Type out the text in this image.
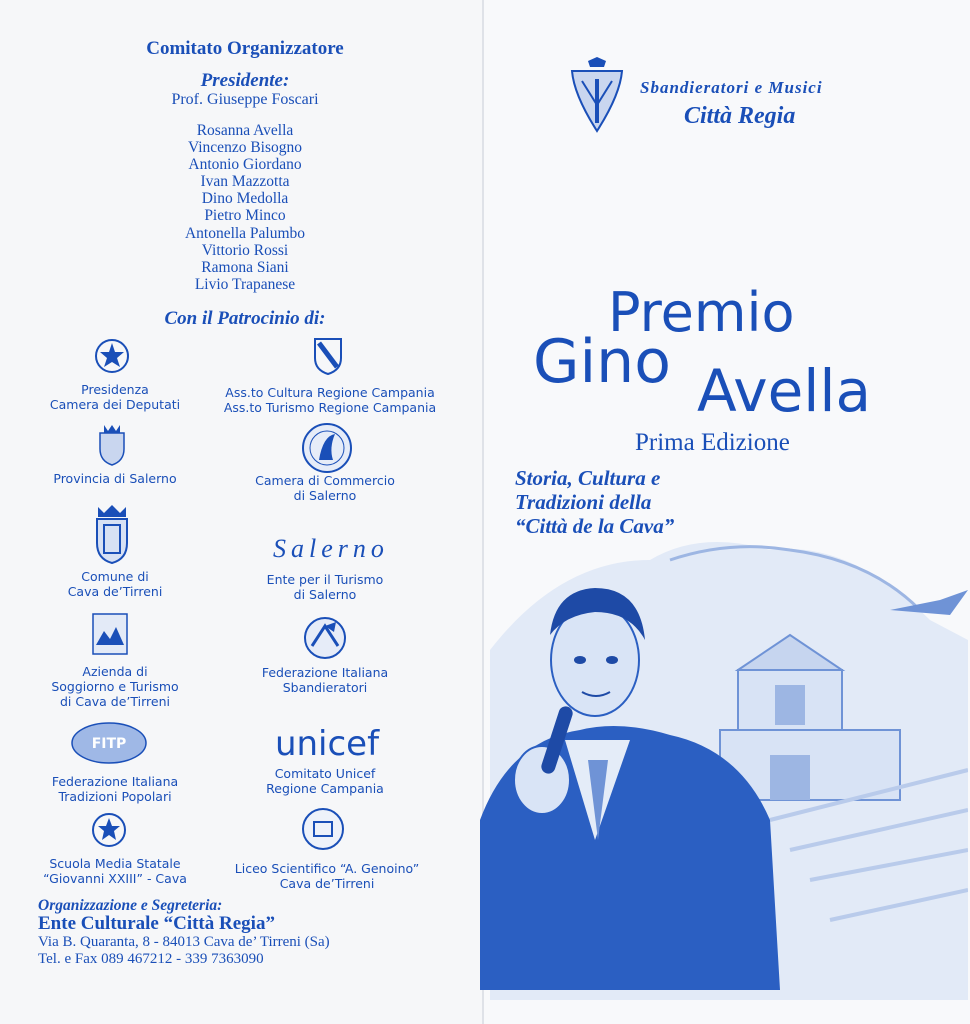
Comitato Organizzatore
Presidente:
Prof. Giuseppe Foscari
Rosanna Avella
Vincenzo Bisogno
Antonio Giordano
Ivan Mazzotta
Dino Medolla
Pietro Minco
Antonella Palumbo
Vittorio Rossi
Ramona Siani
Livio Trapanese
Con il Patrocinio di:
FITP
Salerno
unicef
Presidenza
Camera dei Deputati
Ass.to Cultura Regione Campania
Ass.to Turismo Regione Campania
Provincia di Salerno	Camera di Commercio
di Salerno
Comune di
Cava de’Tirreni
Ente per il Turismo
di Salerno
Azienda di
Soggiorno e Turismo
di Cava de’Tirreni
Federazione Italiana
Sbandieratori
Comitato Unicef
Regione Campania
Federazione Italiana
Tradizioni Popolari
Scuola Media Statale
“Giovanni XXIII” - Cava
Liceo Scientifico “A. Genoino”
Cava de’Tirreni
Organizzazione e Segreteria:
Ente Culturale “Città Regia”
Via B. Quaranta, 8 - 84013 Cava de’ Tirreni (Sa)
Tel. e Fax 089 467212 - 339 7363090
Sbandieratori e Musici
Città Regia
Premio
Gino Avella
Prima Edizione
Storia, Cultura e
Tradizioni della
“Città de la Cava”
